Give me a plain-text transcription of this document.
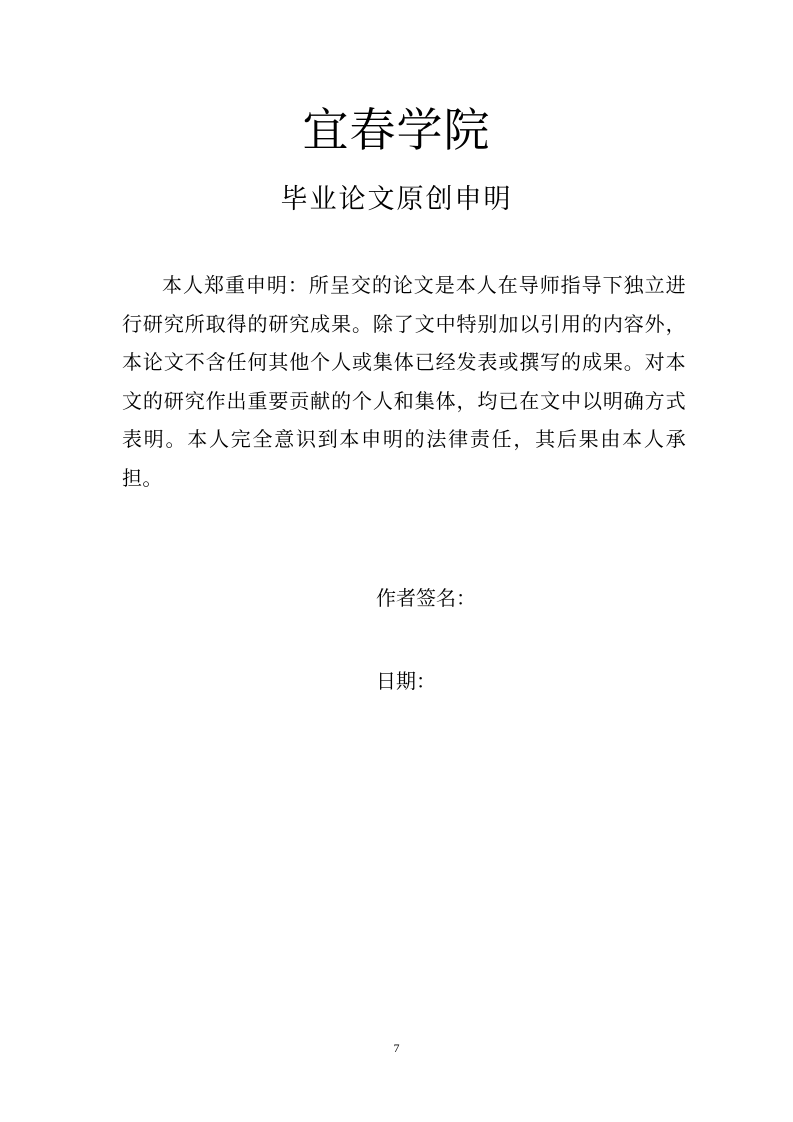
宜春学院
毕业论文原创申明

本人郑重申明：所呈交的论文是本人在导师指导下独立进行研究所取得的研究成果。除了文中特别加以引用的内容外，本论文不含任何其他个人或集体已经发表或撰写的成果。对本文的研究作出重要贡献的个人和集体，均已在文中以明确方式表明。本人完全意识到本申明的法律责任，其后果由本人承担。

作者签名：

日期：

7
